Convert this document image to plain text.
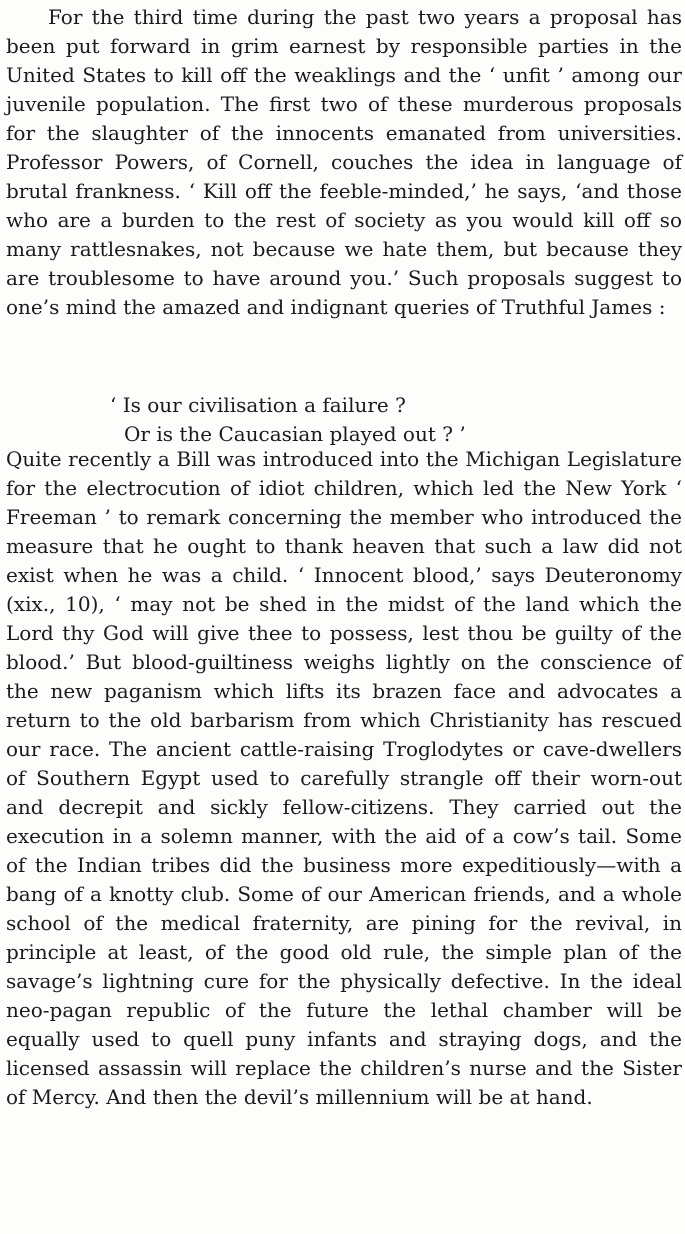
For the third time during the past two years a proposal has been put forward in grim earnest by responsible parties in the United States to kill off the weaklings and the ‘ unfit ’ among our juvenile population. The first two of these murderous proposals for the slaughter of the innocents emanated from universities. Professor Powers, of Cornell, couches the idea in language of brutal frankness. ‘ Kill off the feeble-minded,’ he says, ‘and those who are a burden to the rest of society as you would kill off so many rattlesnakes, not because we hate them, but because they are troublesome to have around you.’ Such proposals suggest to one’s mind the amazed and indignant queries of Truthful James :

‘ Is our civilisation a failure ?
Or is the Caucasian played out ? ’

Quite recently a Bill was introduced into the Michigan Legislature for the electrocution of idiot children, which led the New York ‘ Freeman ’ to remark concerning the member who introduced the measure that he ought to thank heaven that such a law did not exist when he was a child. ‘ Innocent blood,’ says Deuteronomy (xix., 10), ‘ may not be shed in the midst of the land which the Lord thy God will give thee to possess, lest thou be guilty of the blood.’ But blood-guiltiness weighs lightly on the conscience of the new paganism which lifts its brazen face and advocates a return to the old barbarism from which Christianity has rescued our race. The ancient cattle-raising Troglodytes or cave-dwellers of Southern Egypt used to carefully strangle off their worn-out and decrepit and sickly fellow-citizens. They carried out the execution in a solemn manner, with the aid of a cow’s tail. Some of the Indian tribes did the business more expeditiously—with a bang of a knotty club. Some of our American friends, and a whole school of the medical fraternity, are pining for the revival, in principle at least, of the good old rule, the simple plan of the savage’s lightning cure for the physically defective. In the ideal neo-pagan republic of the future the lethal chamber will be equally used to quell puny infants and straying dogs, and the licensed assassin will replace the children’s nurse and the Sister of Mercy. And then the devil’s millennium will be at hand.
